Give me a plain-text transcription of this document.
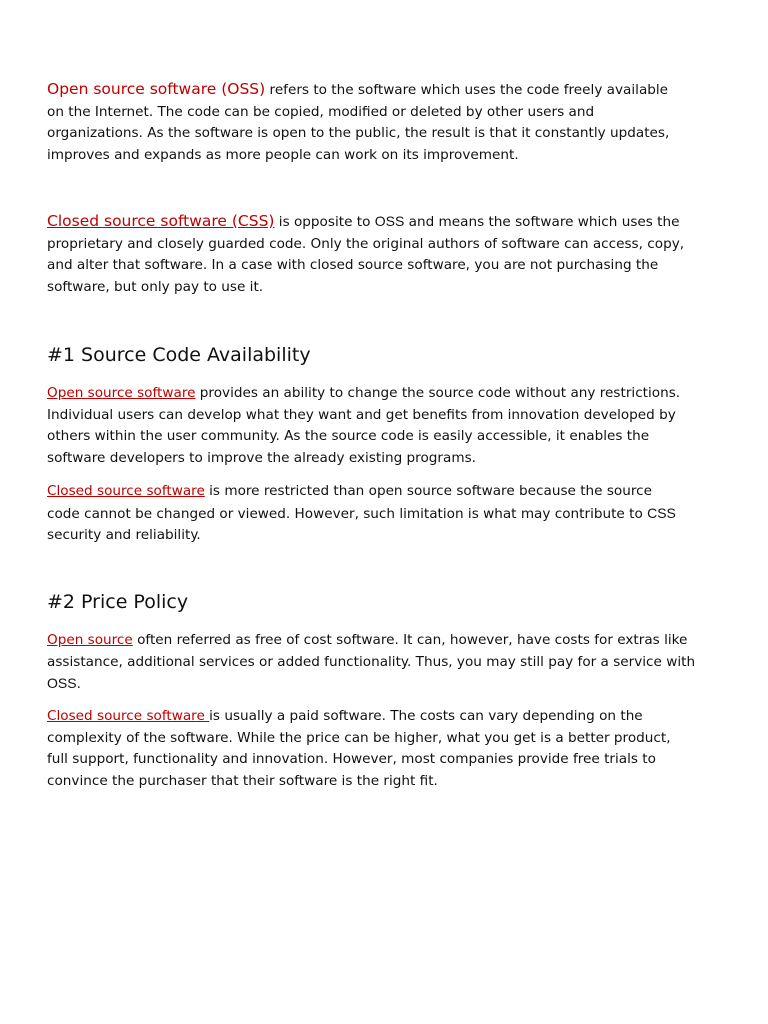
Open source software (OSS) refers to the software which uses the code freely available
on the Internet. The code can be copied, modified or deleted by other users and
organizations. As the software is open to the public, the result is that it constantly updates,
improves and expands as more people can work on its improvement.

Closed source software (CSS) is opposite to OSS and means the software which uses the
proprietary and closely guarded code. Only the original authors of software can access, copy,
and alter that software. In a case with closed source software, you are not purchasing the
software, but only pay to use it.

#1 Source Code Availability

Open source software provides an ability to change the source code without any restrictions.
Individual users can develop what they want and get benefits from innovation developed by
others within the user community. As the source code is easily accessible, it enables the
software developers to improve the already existing programs.

Closed source software is more restricted than open source software because the source
code cannot be changed or viewed. However, such limitation is what may contribute to CSS
security and reliability.

#2 Price Policy

Open source often referred as free of cost software. It can, however, have costs for extras like
assistance, additional services or added functionality. Thus, you may still pay for a service with
OSS.

Closed source software is usually a paid software. The costs can vary depending on the
complexity of the software. While the price can be higher, what you get is a better product,
full support, functionality and innovation. However, most companies provide free trials to
convince the purchaser that their software is the right fit.
